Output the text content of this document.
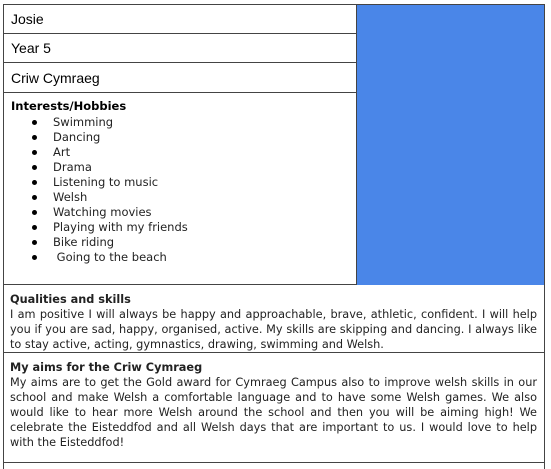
Josie
Year 5
Criw Cymraeg

Interests/Hobbies

Swimming
Dancing
Art
Drama
Listening to music
Welsh
Watching movies
Playing with my friends
Bike riding
Going to the beach

Qualities and skills

I am positive I will always be happy and approachable, brave, athletic, confident. I will help you if you are sad, happy, organised, active. My skills are skipping and dancing. I always like to stay active, acting, gymnastics, drawing, swimming and Welsh.

My aims for the Criw Cymraeg

My aims are to get the Gold award for Cymraeg Campus also to improve welsh skills in our school and make Welsh a comfortable language and to have some Welsh games. We also would like to hear more Welsh around the school and then you will be aiming high! We celebrate the Eisteddfod and all Welsh days that are important to us. I would love to help with the Eisteddfod!
